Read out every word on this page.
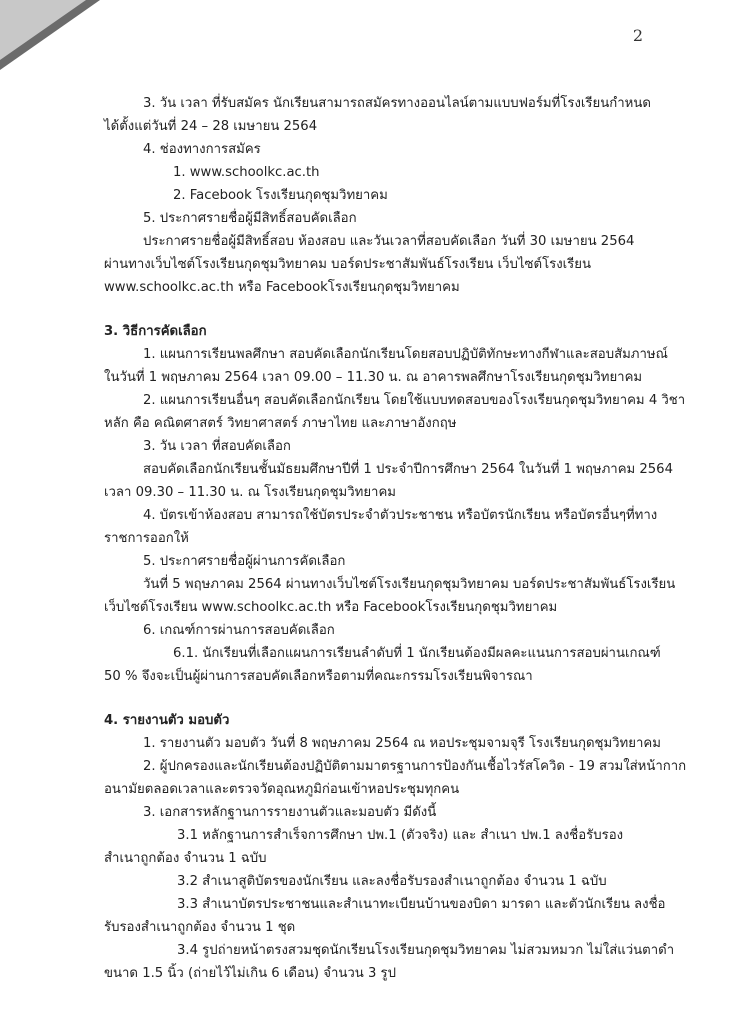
2
3. วัน เวลา ที่รับสมัคร นักเรียนสามารถสมัครทางออนไลน์ตามแบบฟอร์มที่โรงเรียนกำหนด
ได้ตั้งแต่วันที่ 24 – 28 เมษายน 2564
4. ช่องทางการสมัคร
1. www.schoolkc.ac.th
2. Facebook โรงเรียนกุดชุมวิทยาคม
5. ประกาศรายชื่อผู้มีสิทธิ์สอบคัดเลือก
ประกาศรายชื่อผู้มีสิทธิ์สอบ ห้องสอบ และวันเวลาที่สอบคัดเลือก วันที่ 30 เมษายน 2564
ผ่านทางเว็บไซต์โรงเรียนกุดชุมวิทยาคม บอร์ดประชาสัมพันธ์โรงเรียน เว็บไซต์โรงเรียน
www.schoolkc.ac.th หรือ Facebookโรงเรียนกุดชุมวิทยาคม
3. วิธีการคัดเลือก
1. แผนการเรียนพลศึกษา สอบคัดเลือกนักเรียนโดยสอบปฏิบัติทักษะทางกีฬาและสอบสัมภาษณ์
ในวันที่ 1 พฤษภาคม 2564 เวลา 09.00 – 11.30 น. ณ อาคารพลศึกษาโรงเรียนกุดชุมวิทยาคม
2. แผนการเรียนอื่นๆ สอบคัดเลือกนักเรียน โดยใช้แบบทดสอบของโรงเรียนกุดชุมวิทยาคม 4 วิชา
หลัก คือ คณิตศาสตร์ วิทยาศาสตร์ ภาษาไทย และภาษาอังกฤษ
3. วัน เวลา ที่สอบคัดเลือก
สอบคัดเลือกนักเรียนชั้นมัธยมศึกษาปีที่ 1 ประจำปีการศึกษา 2564 ในวันที่ 1 พฤษภาคม 2564
เวลา 09.30 – 11.30 น. ณ โรงเรียนกุดชุมวิทยาคม
4. บัตรเข้าห้องสอบ สามารถใช้บัตรประจำตัวประชาชน หรือบัตรนักเรียน หรือบัตรอื่นๆที่ทาง
ราชการออกให้
5. ประกาศรายชื่อผู้ผ่านการคัดเลือก
วันที่ 5 พฤษภาคม 2564 ผ่านทางเว็บไซต์โรงเรียนกุดชุมวิทยาคม บอร์ดประชาสัมพันธ์โรงเรียน
เว็บไซต์โรงเรียน www.schoolkc.ac.th หรือ Facebookโรงเรียนกุดชุมวิทยาคม
6. เกณฑ์การผ่านการสอบคัดเลือก
6.1. นักเรียนที่เลือกแผนการเรียนลำดับที่ 1 นักเรียนต้องมีผลคะแนนการสอบผ่านเกณฑ์
50 % จึงจะเป็นผู้ผ่านการสอบคัดเลือกหรือตามที่คณะกรรมโรงเรียนพิจารณา
4. รายงานตัว มอบตัว
1. รายงานตัว มอบตัว วันที่ 8 พฤษภาคม 2564 ณ หอประชุมจามจุรี โรงเรียนกุดชุมวิทยาคม
2. ผู้ปกครองและนักเรียนต้องปฏิบัติตามมาตรฐานการป้องกันเชื้อไวรัสโควิด - 19 สวมใส่หน้ากาก
อนามัยตลอดเวลาและตรวจวัดอุณหภูมิก่อนเข้าหอประชุมทุกคน
3. เอกสารหลักฐานการรายงานตัวและมอบตัว มีดังนี้
3.1 หลักฐานการสำเร็จการศึกษา ปพ.1 (ตัวจริง) และ สำเนา ปพ.1 ลงชื่อรับรอง
สำเนาถูกต้อง จำนวน 1 ฉบับ
3.2 สำเนาสูติบัตรของนักเรียน และลงชื่อรับรองสำเนาถูกต้อง จำนวน 1 ฉบับ
3.3 สำเนาบัตรประชาชนและสำเนาทะเบียนบ้านของบิดา มารดา และตัวนักเรียน ลงชื่อ
รับรองสำเนาถูกต้อง จำนวน 1 ชุด
3.4 รูปถ่ายหน้าตรงสวมชุดนักเรียนโรงเรียนกุดชุมวิทยาคม ไม่สวมหมวก ไม่ใส่แว่นตาดำ
ขนาด 1.5 นิ้ว (ถ่ายไว้ไม่เกิน 6 เดือน) จำนวน 3 รูป
